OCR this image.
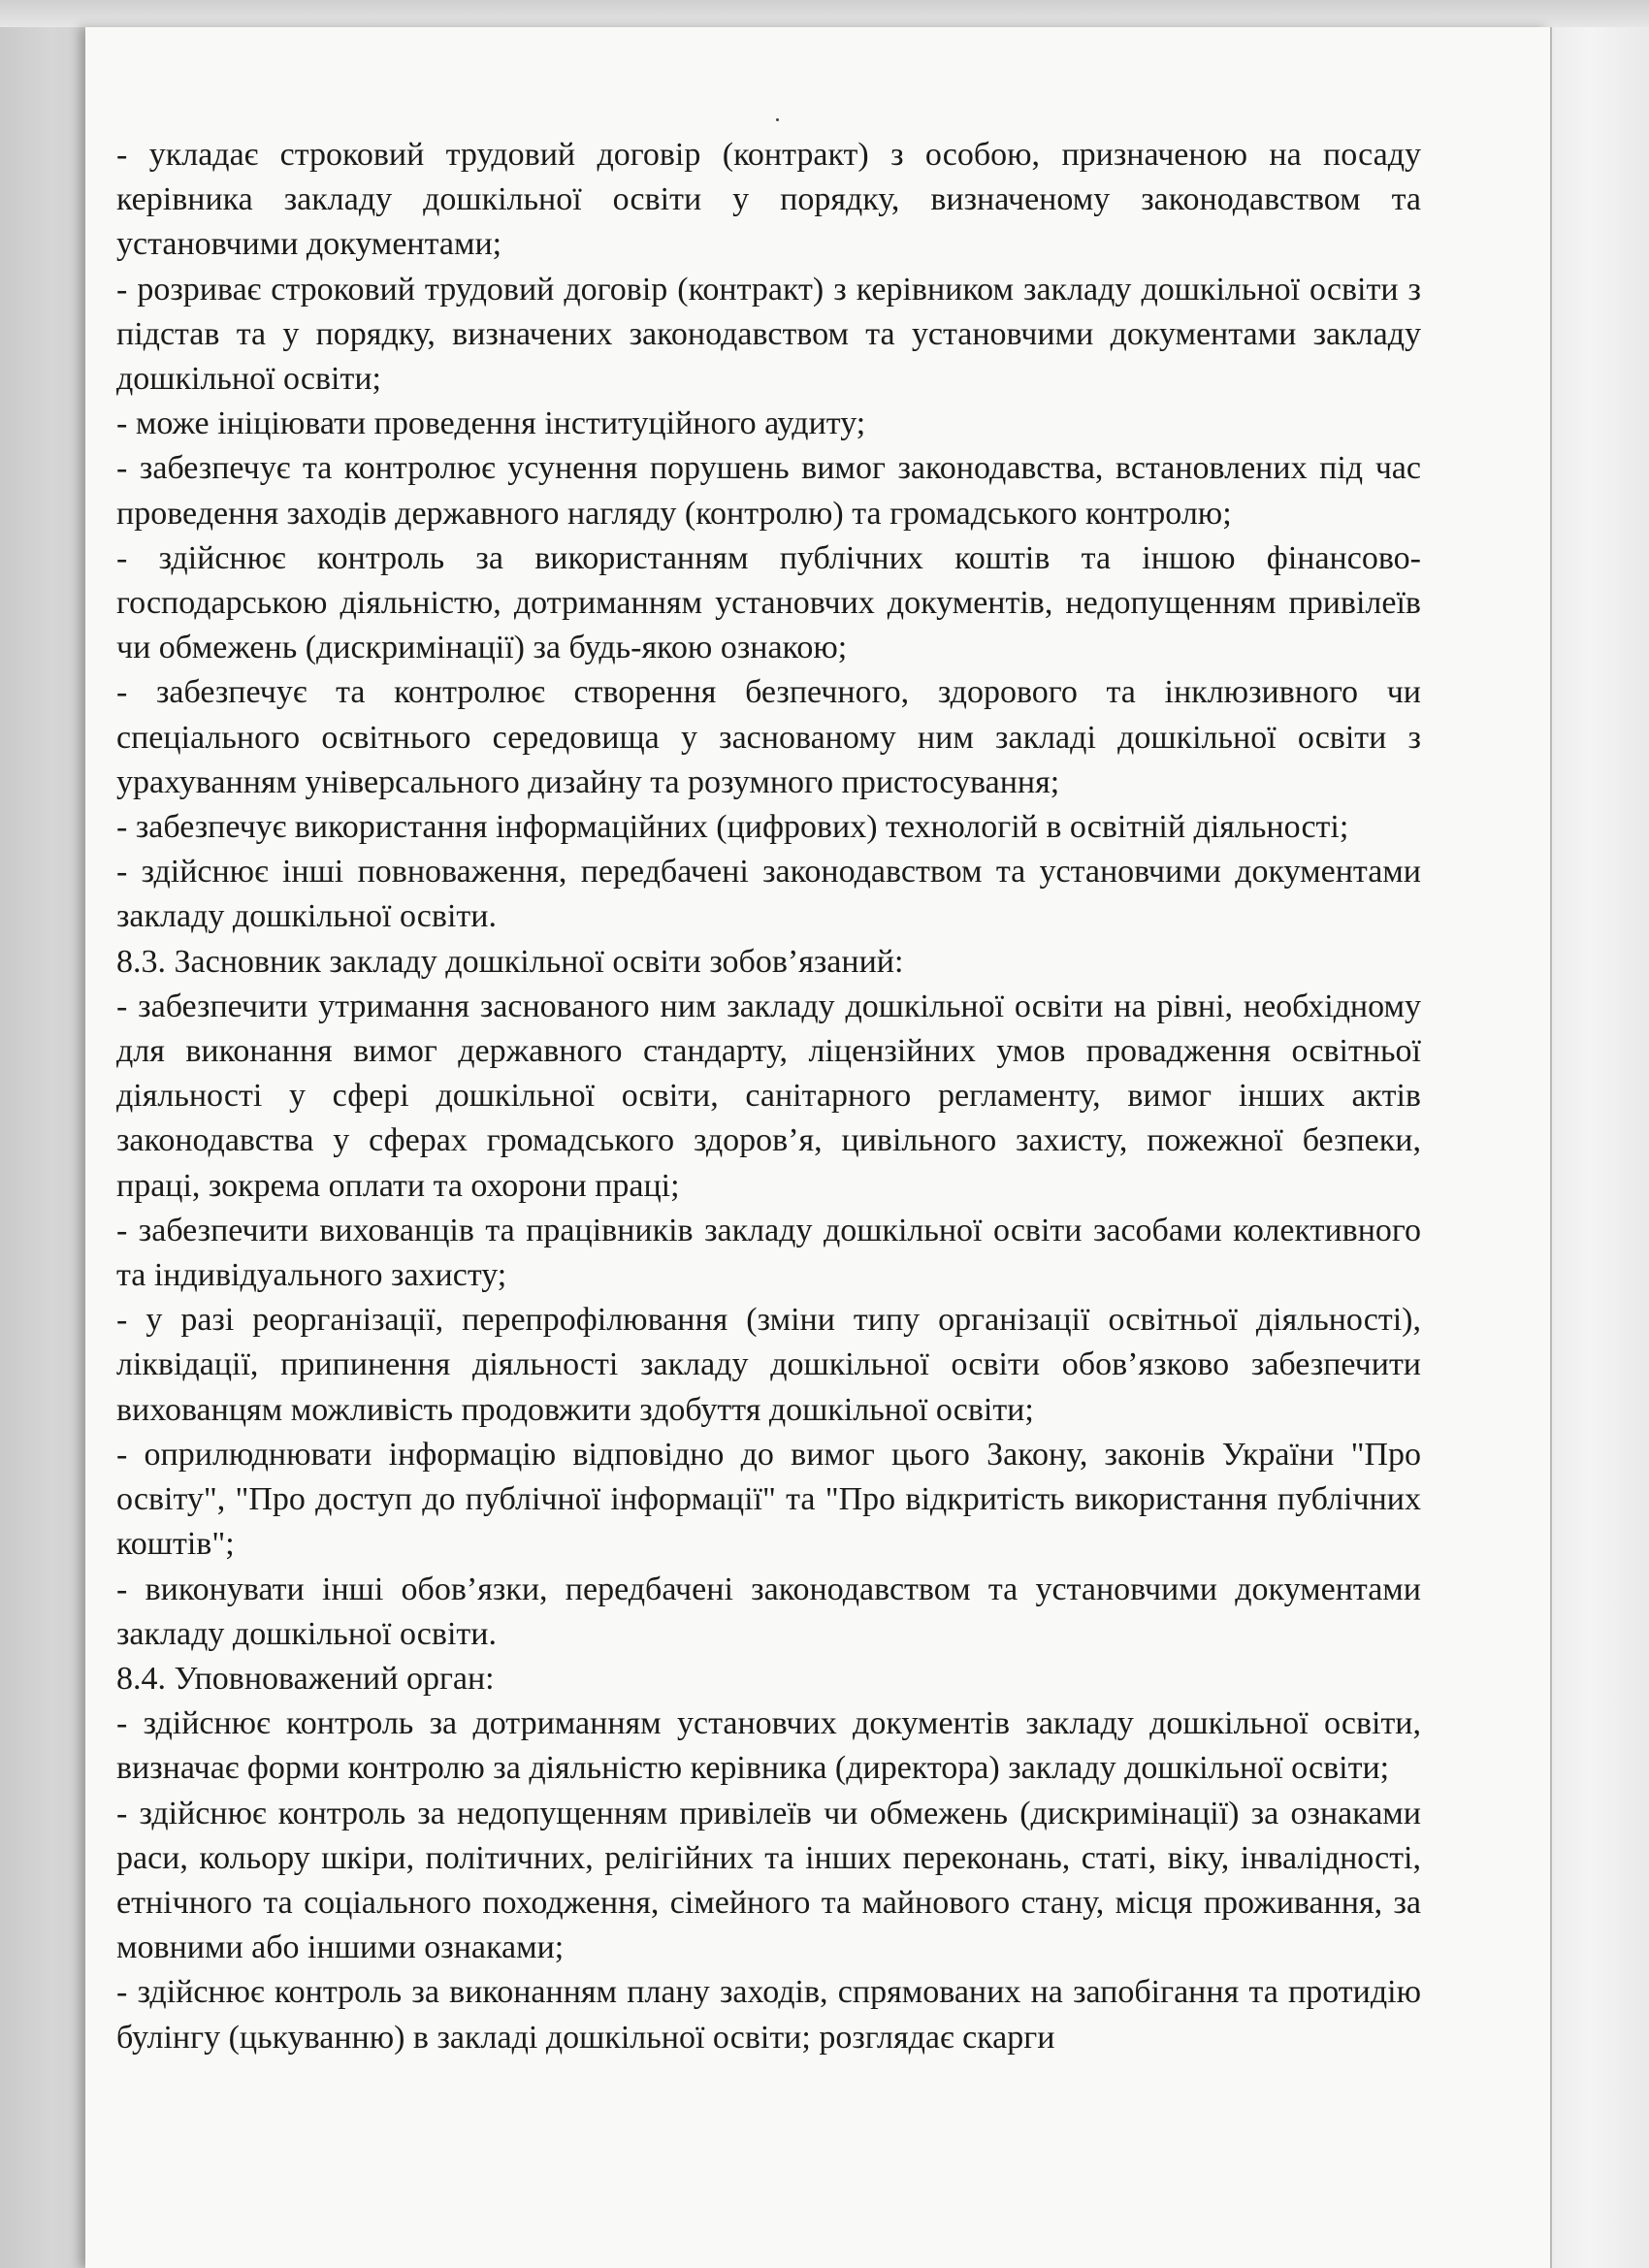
- укладає строковий трудовий договір (контракт) з особою, призначеною на посаду керівника закладу дошкільної освіти у порядку, визначеному законодавством та установчими документами;

- розриває строковий трудовий договір (контракт) з керівником закладу дошкільної освіти з підстав та у порядку, визначених законодавством та установчими документами закладу дошкільної освіти;

- може ініціювати проведення інституційного аудиту;

- забезпечує та контролює усунення порушень вимог законодавства, встановлених під час проведення заходів державного нагляду (контролю) та громадського контролю;

- здійснює контроль за використанням публічних коштів та іншою фінансово-господарською діяльністю, дотриманням установчих документів, недопущенням привілеїв чи обмежень (дискримінації) за будь-якою ознакою;

- забезпечує та контролює створення безпечного, здорового та інклюзивного чи спеціального освітнього середовища у заснованому ним закладі дошкільної освіти з урахуванням універсального дизайну та розумного пристосування;

- забезпечує використання інформаційних (цифрових) технологій в освітній діяльності;

- здійснює інші повноваження, передбачені законодавством та установчими документами закладу дошкільної освіти.

8.3. Засновник закладу дошкільної освіти зобов’язаний:

- забезпечити утримання заснованого ним закладу дошкільної освіти на рівні, необхідному для виконання вимог державного стандарту, ліцензійних умов провадження освітньої діяльності у сфері дошкільної освіти, санітарного регламенту, вимог інших актів законодавства у сферах громадського здоров’я, цивільного захисту, пожежної безпеки, праці, зокрема оплати та охорони праці;

- забезпечити вихованців та працівників закладу дошкільної освіти засобами колективного та індивідуального захисту;

- у разі реорганізації, перепрофілювання (зміни типу організації освітньої діяльності), ліквідації, припинення діяльності закладу дошкільної освіти обов’язково забезпечити вихованцям можливість продовжити здобуття дошкільної освіти;

- оприлюднювати інформацію відповідно до вимог цього Закону, законів України "Про освіту", "Про доступ до публічної інформації" та "Про відкритість використання публічних коштів";

- виконувати інші обов’язки, передбачені законодавством та установчими документами закладу дошкільної освіти.

8.4. Уповноважений орган:

- здійснює контроль за дотриманням установчих документів закладу дошкільної освіти, визначає форми контролю за діяльністю керівника (директора) закладу дошкільної освіти;

- здійснює контроль за недопущенням привілеїв чи обмежень (дискримінації) за ознаками раси, кольору шкіри, політичних, релігійних та інших переконань, статі, віку, інвалідності, етнічного та соціального походження, сімейного та майнового стану, місця проживання, за мовними або іншими ознаками;

- здійснює контроль за виконанням плану заходів, спрямованих на запобігання та протидію булінгу (цькуванню) в закладі дошкільної освіти; розглядає скарги
